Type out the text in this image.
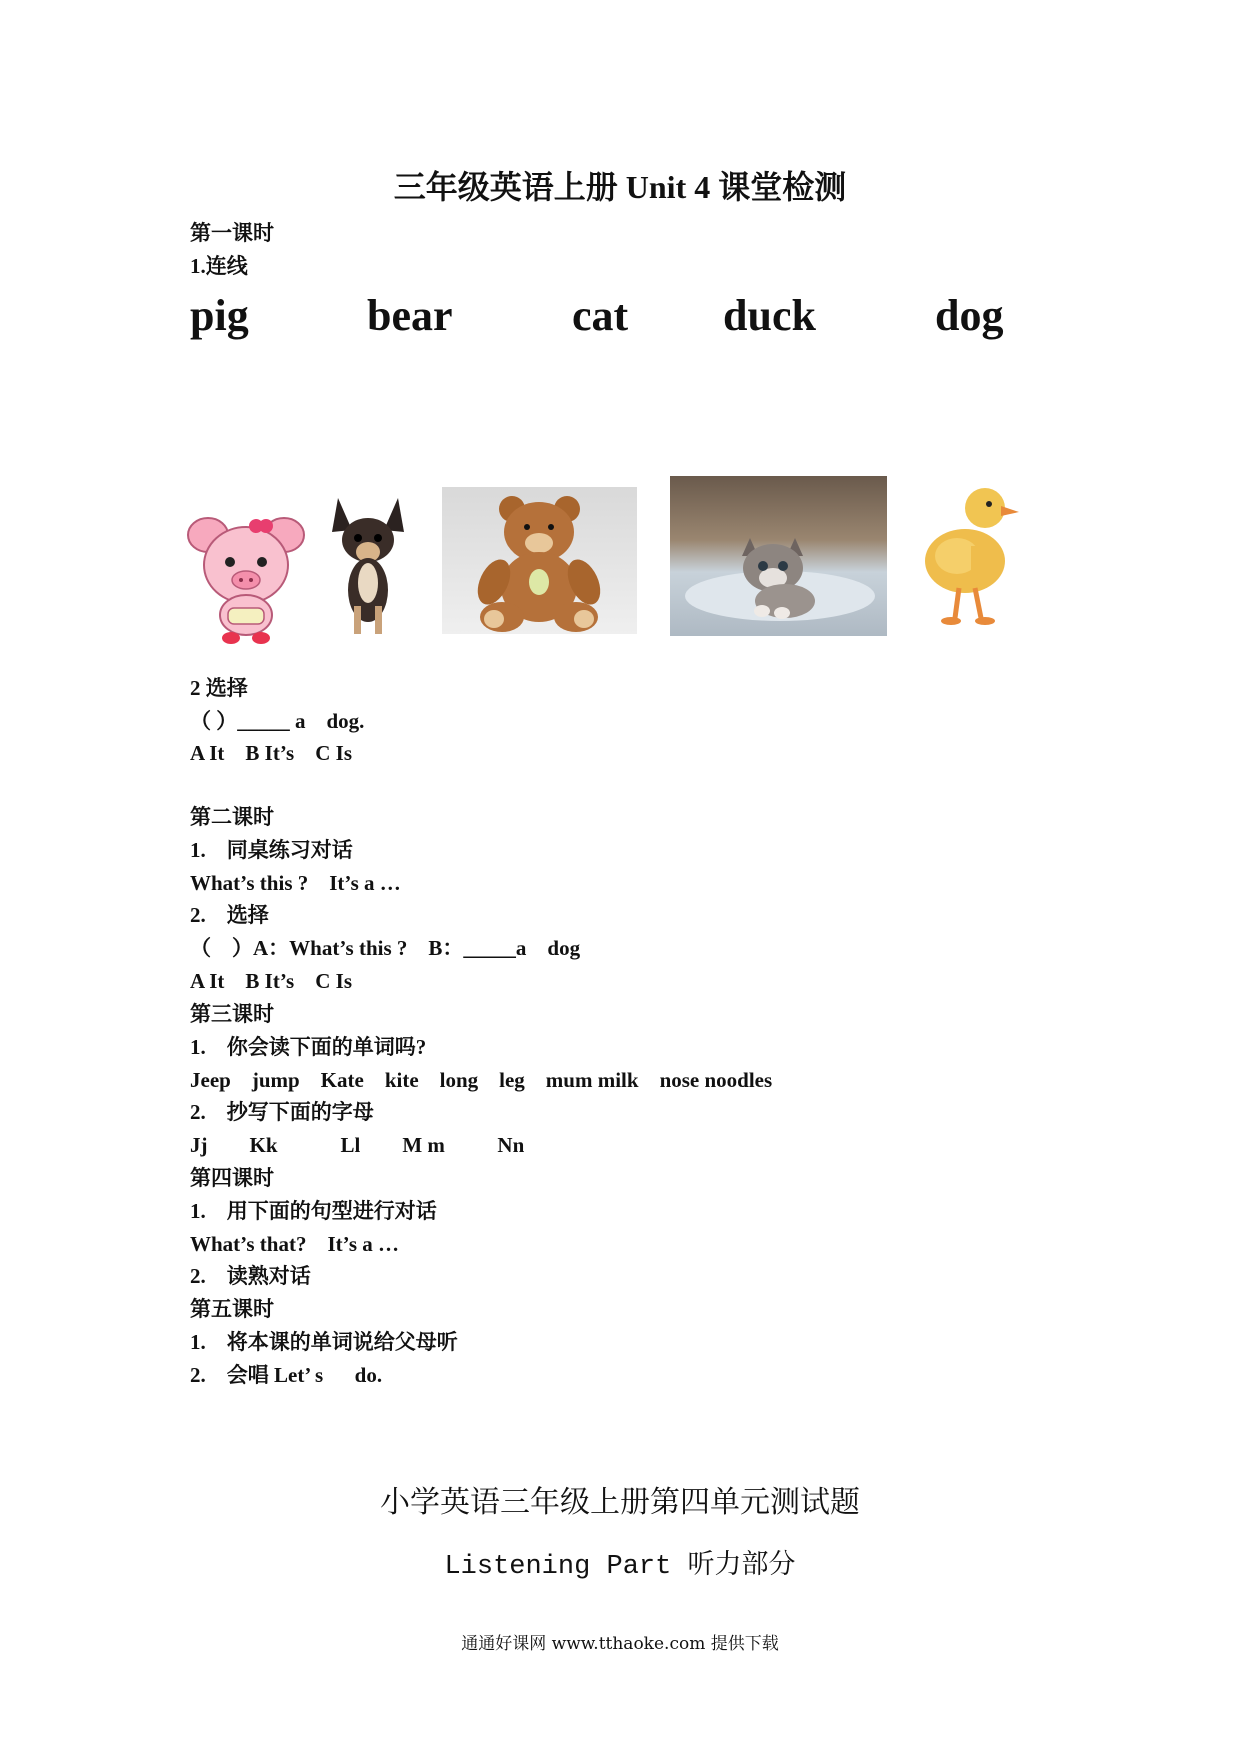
三年级英语上册 Unit 4 课堂检测
第一课时
1.连线
pig	bear	cat duck	dog
2 选择
（ ）_____ a    dog.
A It    B It’s    C Is
第二课时
1.    同桌练习对话
What’s this ?    It’s a …
2.    选择
（    ）A：What’s this ?    B：_____a    dog
A It    B It’s    C Is
第三课时
1.    你会读下面的单词吗?
Jeep    jump    Kate    kite    long    leg    mum milk    nose noodles
2.    抄写下面的字母
Jj        Kk            Ll        M m          Nn
第四课时
1.    用下面的句型进行对话
What’s that?    It’s a …
2.    读熟对话
第五课时
1.    将本课的单词说给父母听
2.    会唱 Let’ s      do.
小学英语三年级上册第四单元测试题
Listening Part 听力部分
通通好课网 www.tthaoke.com 提供下载
